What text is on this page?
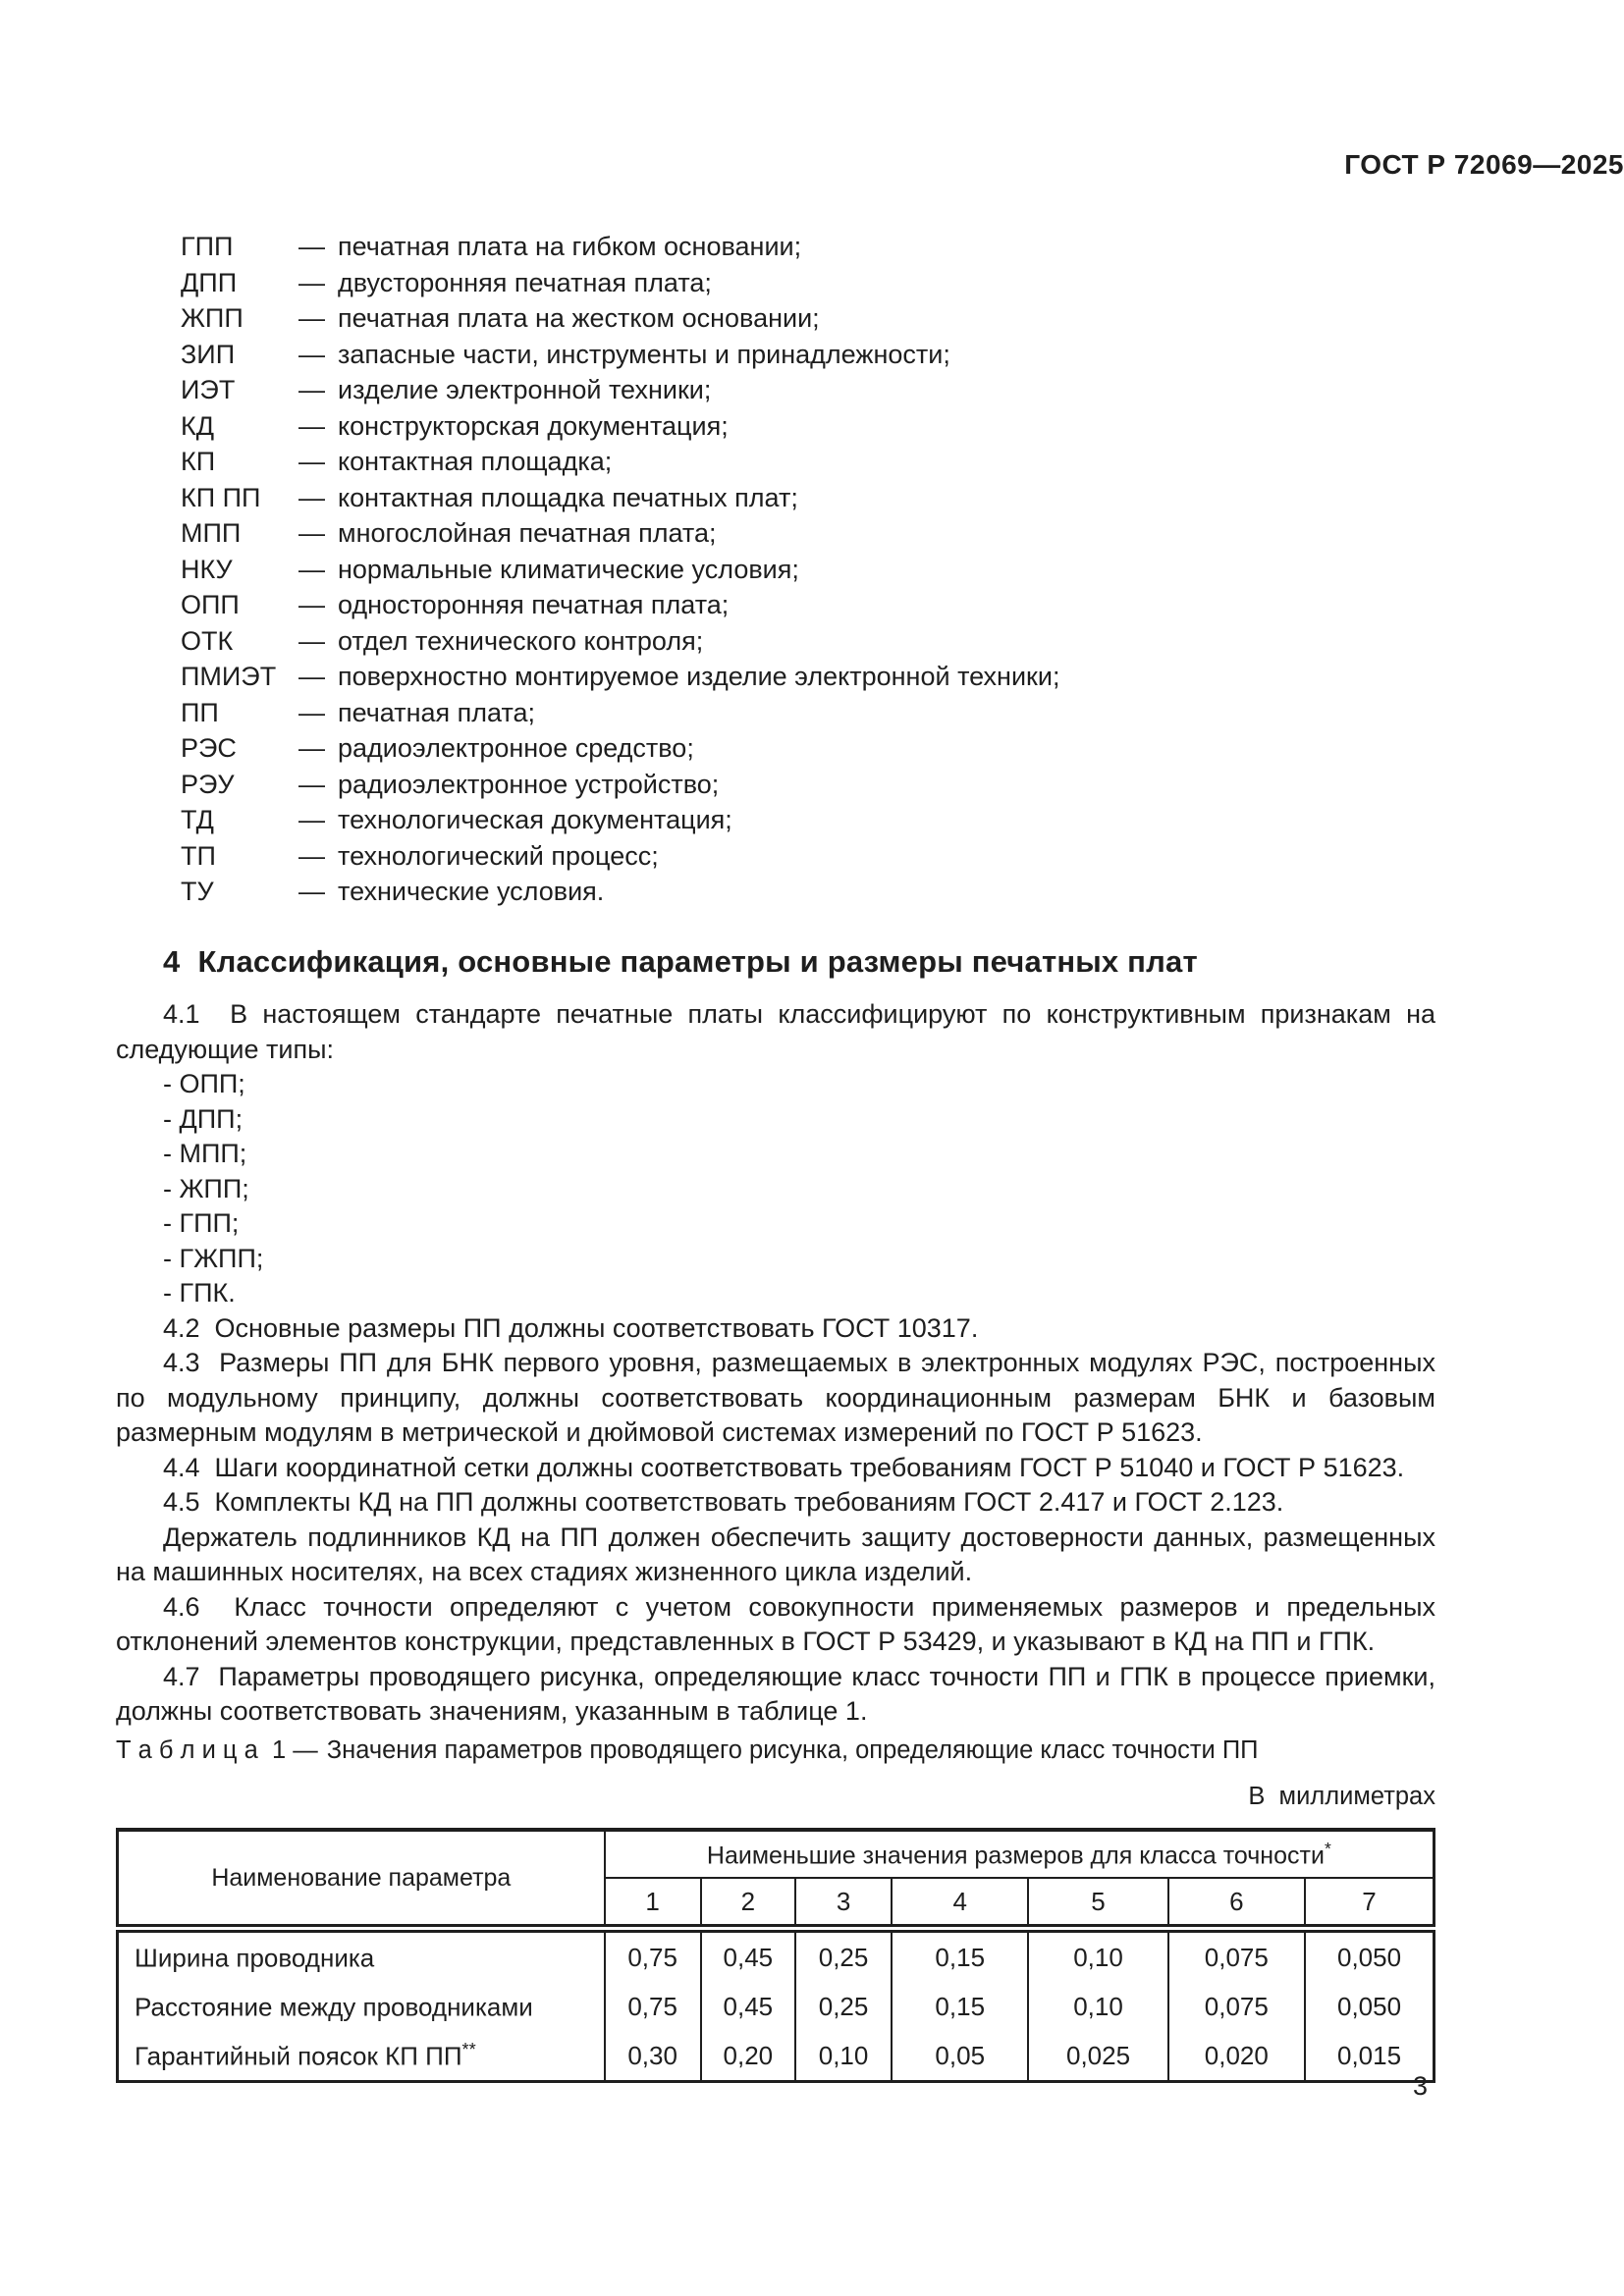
ГОСТ Р 72069—2025
ГПП	— печатная плата на гибком основании;
ДПП	— двусторонняя печатная плата;
ЖПП	— печатная плата на жестком основании;
ЗИП	— запасные части, инструменты и принадлежности;
ИЭТ	— изделие электронной техники;
КД	— конструкторская документация;
КП	— контактная площадка;
КП ПП	— контактная площадка печатных плат;
МПП	— многослойная печатная плата;
НКУ	— нормальные климатические условия;
ОПП	— односторонняя печатная плата;
ОТК	— отдел технического контроля;
ПМИЭТ — поверхностно монтируемое изделие электронной техники;
ПП	— печатная плата;
РЭС	— радиоэлектронное средство;
РЭУ	— радиоэлектронное устройство;
ТД	— технологическая документация;
ТП	— технологический процесс;
ТУ	— технические условия.
4 Классификация, основные параметры и размеры печатных плат

4.1  В настоящем стандарте печатные платы классифицируют по конструктивным признакам на следующие типы:

- ОПП;

- ДПП;

- МПП;

- ЖПП;

- ГПП;

- ГЖПП;

- ГПК.

4.2  Основные размеры ПП должны соответствовать ГОСТ 10317.

4.3  Размеры ПП для БНК первого уровня, размещаемых в электронных модулях РЭС, построенных по модульному принципу, должны соответствовать координационным размерам БНК и базовым размерным модулям в метрической и дюймовой системах измерений по ГОСТ Р 51623.

4.4  Шаги координатной сетки должны соответствовать требованиям ГОСТ Р 51040 и ГОСТ Р 51623.

4.5  Комплекты КД на ПП должны соответствовать требованиям ГОСТ 2.417 и ГОСТ 2.123.

Держатель подлинников КД на ПП должен обеспечить защиту достоверности данных, размещенных на машинных носителях, на всех стадиях жизненного цикла изделий.

4.6  Класс точности определяют с учетом совокупности применяемых размеров и предельных отклонений элементов конструкции, представленных в ГОСТ Р 53429, и указывают в КД на ПП и ГПК.

4.7  Параметры проводящего рисунка, определяющие класс точности ПП и ГПК в процессе приемки, должны соответствовать значениям, указанным в таблице 1.

Т а б л и ц а  1 — Значения параметров проводящего рисунка, определяющие класс точности ПП
В  миллиметрах
Наименование параметра	Наименьшие значения размеров для класса точности*
	1	2	3	4	5	6	7
Ширина проводника	0,75	0,45	0,25	0,15	0,10	0,075	0,050
Расстояние между проводниками	0,75	0,45	0,25	0,15	0,10	0,075	0,050
Гарантийный поясок КП ПП**	0,30	0,20	0,10	0,05	0,025	0,020	0,015
3
